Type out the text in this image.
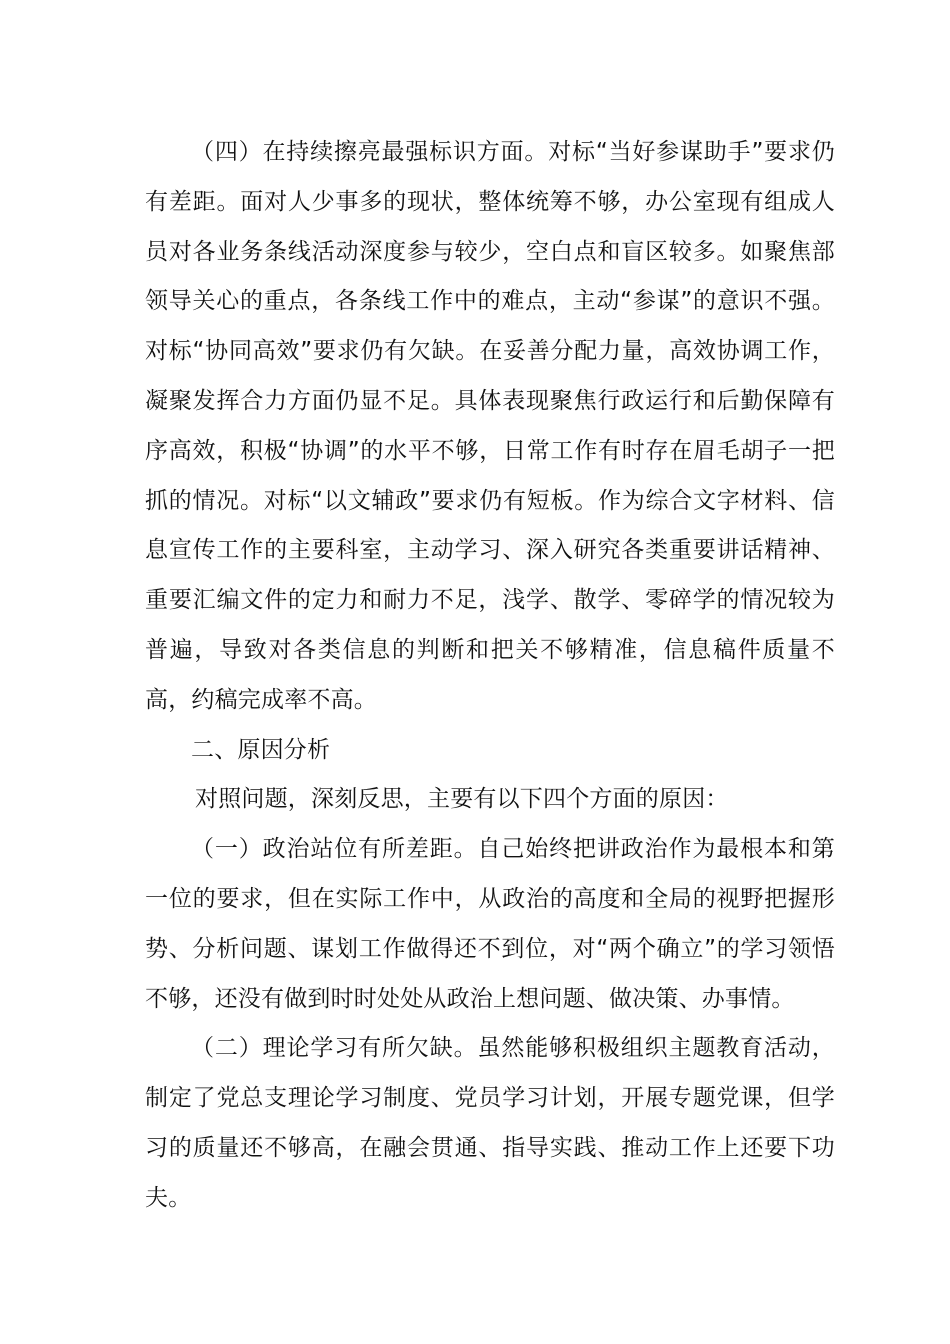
（四）在持续擦亮最强标识方面。对标“当好参谋助手”要求仍有差距。面对人少事多的现状，整体统筹不够，办公室现有组成人员对各业务条线活动深度参与较少，空白点和盲区较多。如聚焦部领导关心的重点，各条线工作中的难点，主动“参谋”的意识不强。对标“协同高效”要求仍有欠缺。在妥善分配力量，高效协调工作，凝聚发挥合力方面仍显不足。具体表现聚焦行政运行和后勤保障有序高效，积极“协调”的水平不够，日常工作有时存在眉毛胡子一把抓的情况。对标“以文辅政”要求仍有短板。作为综合文字材料、信息宣传工作的主要科室，主动学习、深入研究各类重要讲话精神、重要汇编文件的定力和耐力不足，浅学、散学、零碎学的情况较为普遍，导致对各类信息的判断和把关不够精准，信息稿件质量不高，约稿完成率不高。

二、原因分析

对照问题，深刻反思，主要有以下四个方面的原因：

（一）政治站位有所差距。自己始终把讲政治作为最根本和第一位的要求，但在实际工作中，从政治的高度和全局的视野把握形势、分析问题、谋划工作做得还不到位，对“两个确立”的学习领悟不够，还没有做到时时处处从政治上想问题、做决策、办事情。

（二）理论学习有所欠缺。虽然能够积极组织主题教育活动，制定了党总支理论学习制度、党员学习计划，开展专题党课，但学习的质量还不够高，在融会贯通、指导实践、推动工作上还要下功夫。
